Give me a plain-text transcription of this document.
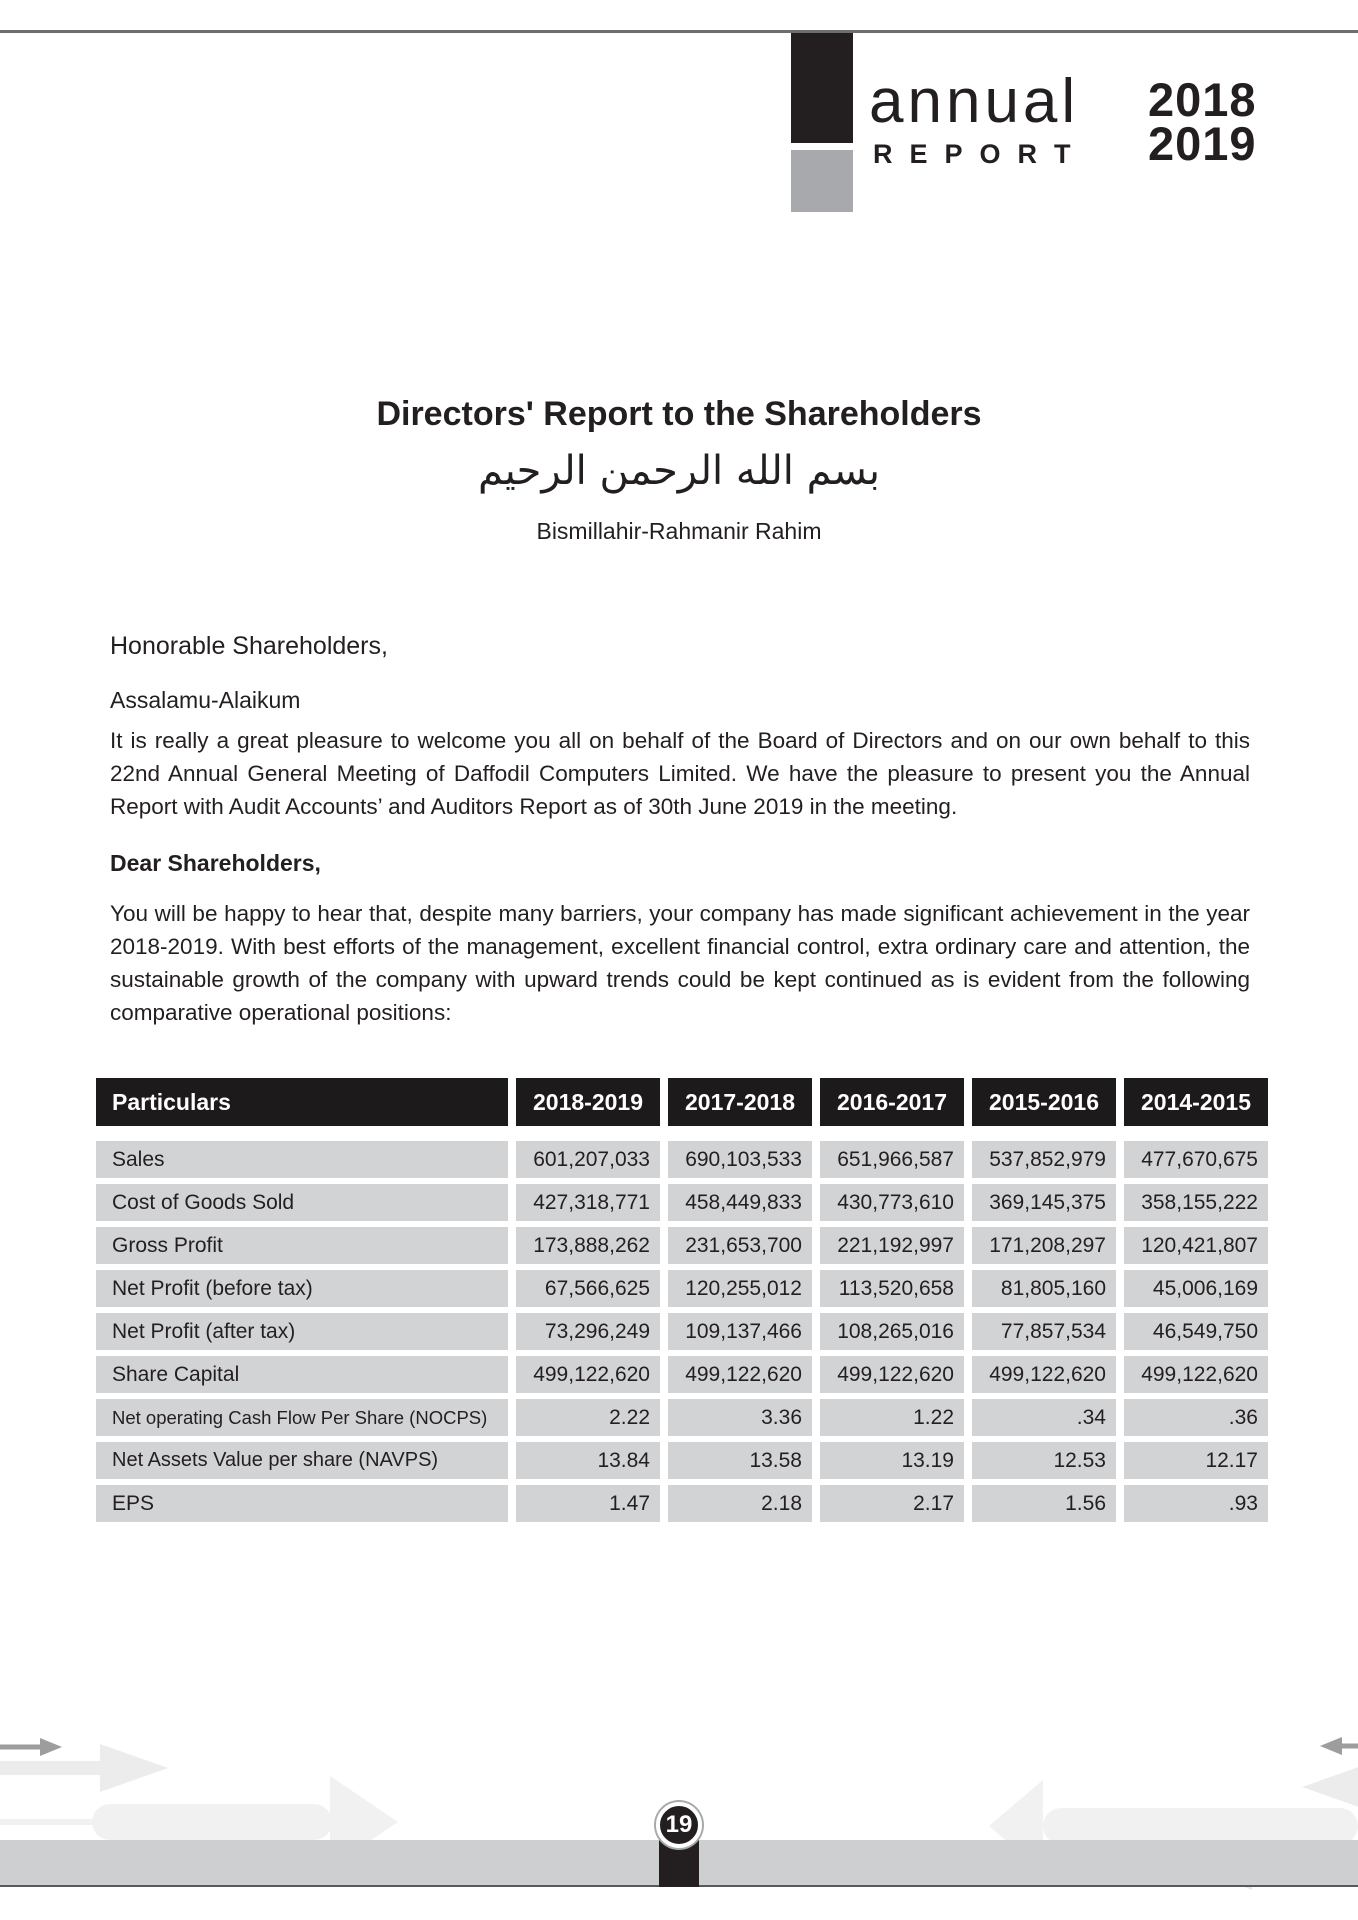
annual
REPORT
2018
2019
Directors' Report to the Shareholders
بسم الله الرحمن الرحيم
Bismillahir-Rahmanir Rahim
Honorable Shareholders,
Assalamu-Alaikum
It is really a great pleasure to welcome you all on behalf of the Board of Directors and on our own behalf to this 22nd Annual General Meeting of Daffodil Computers Limited. We have the pleasure to present you the Annual Report with Audit Accounts’ and Auditors Report as of 30th June 2019 in the meeting.
Dear Shareholders,
You will be happy to hear that, despite many barriers, your company has made significant achievement in the year 2018-2019. With best efforts of the management, excellent financial control, extra ordinary care and attention, the sustainable growth of the company with upward trends could be kept continued as is evident from the following comparative operational positions:
Particulars	2018-2019	2017-2018	2016-2017	2015-2016	2014-2015
Sales	601,207,033	690,103,533	651,966,587	537,852,979	477,670,675
Cost of Goods Sold	427,318,771	458,449,833	430,773,610	369,145,375	358,155,222
Gross Profit	173,888,262	231,653,700	221,192,997	171,208,297	120,421,807
Net Profit (before tax)	67,566,625	120,255,012	113,520,658	81,805,160	45,006,169
Net Profit (after tax)	73,296,249	109,137,466	108,265,016	77,857,534	46,549,750
Share Capital	499,122,620	499,122,620	499,122,620	499,122,620	499,122,620
Net operating Cash Flow Per Share (NOCPS)	2.22	3.36	1.22	.34	.36
Net Assets Value per share (NAVPS)	13.84	13.58	13.19	12.53	12.17
EPS	1.47	2.18	2.17	1.56	.93
19
